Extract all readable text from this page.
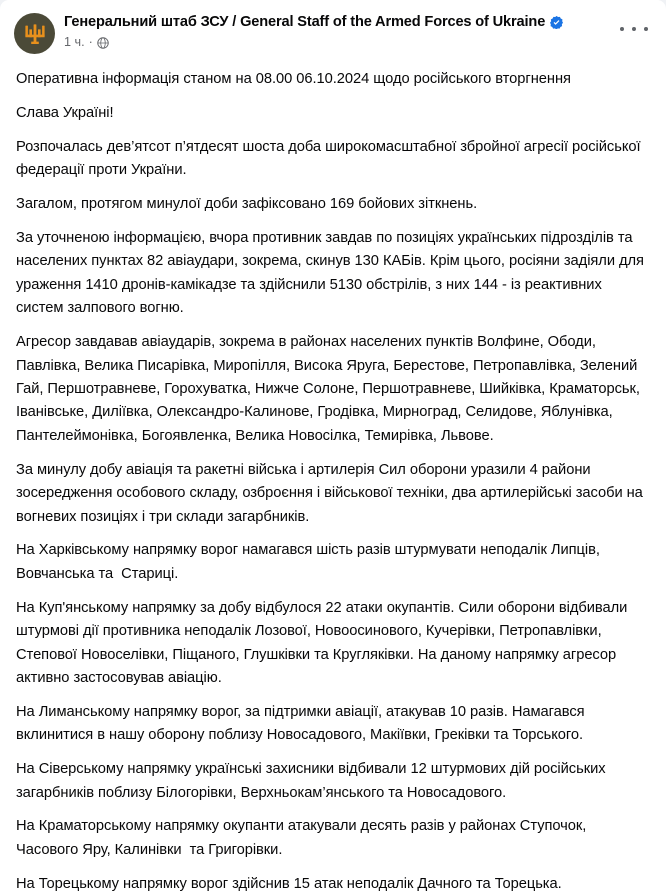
Генеральний штаб ЗСУ / General Staff of the Armed Forces of Ukraine
1 ч. ·

Оперативна інформація станом на 08.00 06.10.2024 щодо російського вторгнення

Слава Україні!

Розпочалась дев’ятсот п’ятдесят шоста доба широкомасштабної збройної агресії російської федерації проти України.

Загалом, протягом минулої доби зафіксовано 169 бойових зіткнень.

За уточненою інформацією, вчора противник завдав по позиціях українських підрозділів та населених пунктах 82 авіаудари, зокрема, скинув 130 КАБів. Крім цього, росіяни задіяли для ураження 1410 дронів-камікадзе та здійснили 5130 обстрілів, з них 144 - із реактивних систем залпового вогню.

Агресор завдавав авіаударів, зокрема в районах населених пунктів Волфине, Ободи, Павлівка, Велика Писарівка, Миропілля, Висока Яруга, Берестове, Петропавлівка, Зелений Гай, Першотравневе, Горохуватка, Нижче Солоне, Першотравневе, Шийківка, Краматорськ, Іванівське, Дилiївка, Олександро-Калинове, Гродівка, Мирноград, Селидове, Яблунівка, Пантелеймонівка, Богоявленка, Велика Новосілка, Темирівка, Львове.

За минулу добу авіація та ракетні війська і артилерія Сил оборони уразили 4 райони зосередження особового складу, озброєння і військової техніки, два артилерійські засоби на вогневих позиціях і три склади загарбників.

На Харківському напрямку ворог намагався шість разів штурмувати неподалік Липців, Вовчанська та  Стариці.

На Куп'янському напрямку за добу відбулося 22 атаки окупантів. Сили оборони відбивали штурмові дії противника неподалік Лозової, Новоосинового, Кучерівки, Петропавлівки, Степової Новоселівки, Піщаного, Глушківки та Кругляківки. На даному напрямку агресор активно застосовував авіацію.

На Лиманському напрямку ворог, за підтримки авіації, атакував 10 разів. Намагався вклинитися в нашу оборону поблизу Новосадового, Макіївки, Греківки та Торського.

На Сіверському напрямку українські захисники відбивали 12 штурмових дій російських загарбників поблизу Білогорівки, Верхньокам’янського та Новосадового.

На Краматорському напрямку окупанти атакували десять разів у районах Ступочок, Часового Яру, Калинівки  та Григорівки.

На Торецькому напрямку ворог здійснив 15 атак неподалік Дачного та Торецька.
